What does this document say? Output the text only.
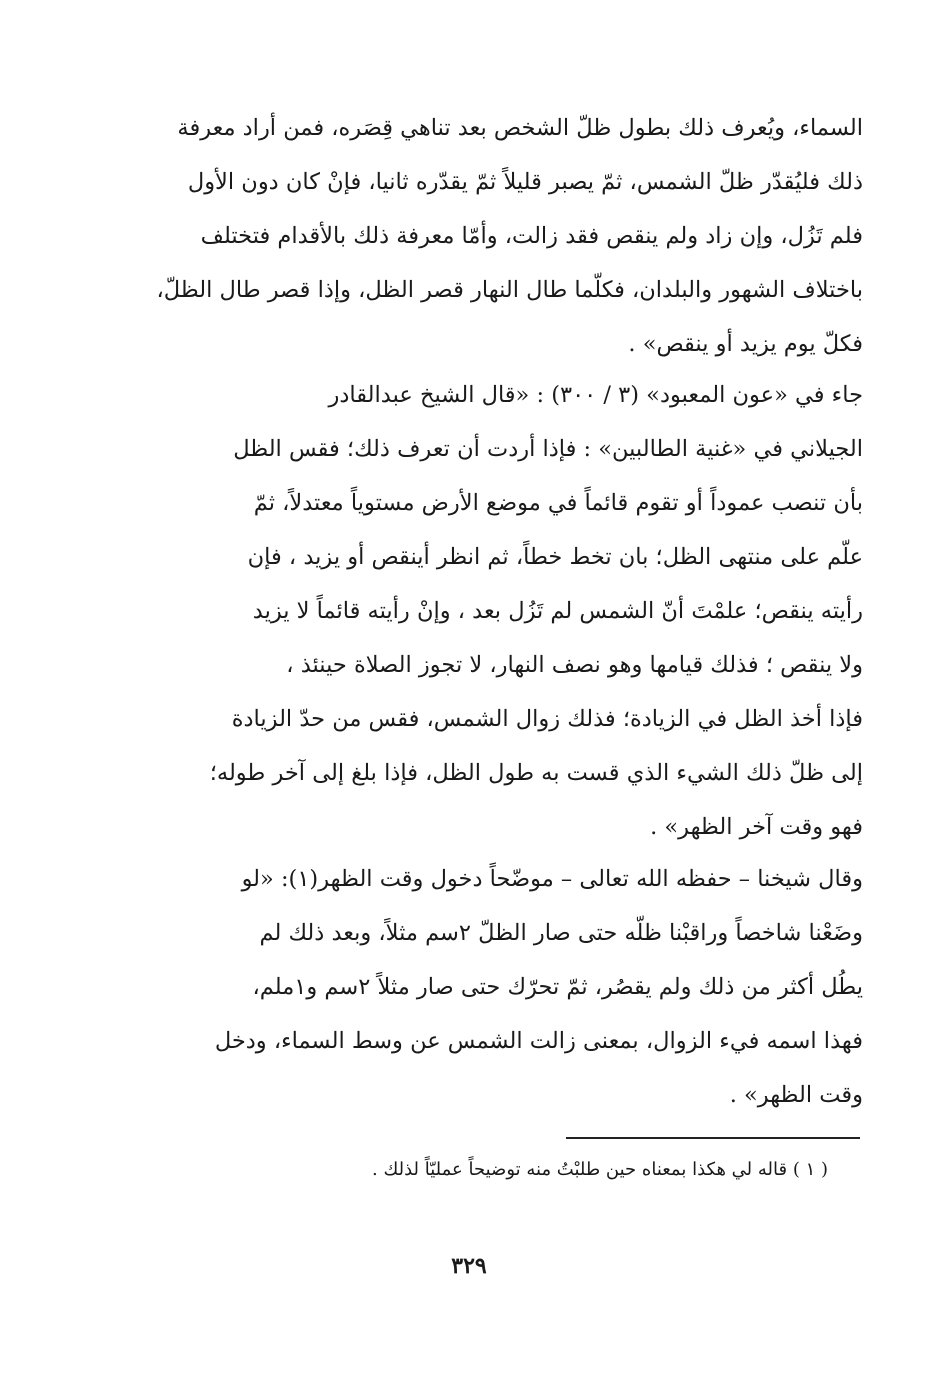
السماء، ويُعرف ذلك بطول ظلّ الشخص بعد تناهي قِصَره، فمن أراد معرفة

ذلك فليُقدّر ظلّ الشمس، ثمّ يصبر قليلاً ثمّ يقدّره ثانيا، فإنْ كان دون الأول

فلم تَزُل، وإن زاد ولم ينقص فقد زالت، وأمّا معرفة ذلك بالأقدام فتختلف

باختلاف الشهور والبلدان، فكلّما طال النهار قصر الظل، وإذا قصر طال الظلّ،

فكلّ يوم يزيد أو ينقص» .

جاء في «عون المعبود» (٣ / ٣٠٠) : «قال الشيخ عبدالقادر

الجيلاني في «غنية الطالبين» : فإذا أردت أن تعرف ذلك؛ فقس الظل

بأن تنصب عموداً أو تقوم قائماً في موضع الأرض مستوياً معتدلاً، ثمّ

علّم على منتهى الظل؛ بان تخط خطاً، ثم انظر أينقص أو يزيد ، فإن

رأيته ينقص؛ علمْتَ أنّ الشمس لم تَزُل بعد ، وإنْ رأيته قائماً لا يزيد

ولا ينقص ؛ فذلك قيامها وهو نصف النهار، لا تجوز الصلاة حينئذ ،

فإذا أخذ الظل في الزيادة؛ فذلك زوال الشمس، فقس من حدّ الزيادة

إلى ظلّ ذلك الشيء الذي قست به طول الظل، فإذا بلغ إلى آخر طوله؛

فهو وقت آخر الظهر» .

وقال شيخنا – حفظه الله تعالى – موضّحاً دخول وقت الظهر(١): «لو

وضَعْنا شاخصاً وراقبْنا ظلّه حتى صار الظلّ ٢سم مثلاً، وبعد ذلك لم

يطُل أكثر من ذلك ولم يقصُر، ثمّ تحرّك حتى صار مثلاً ٢سم و١ملم،

فهذا اسمه فيء الزوال، بمعنى زالت الشمس عن وسط السماء، ودخل

وقت الظهر» .

( ١ ) قاله لي هكذا بمعناه حين طلبْتُ منه توضيحاً عمليّاً لذلك .

٣٢٩
